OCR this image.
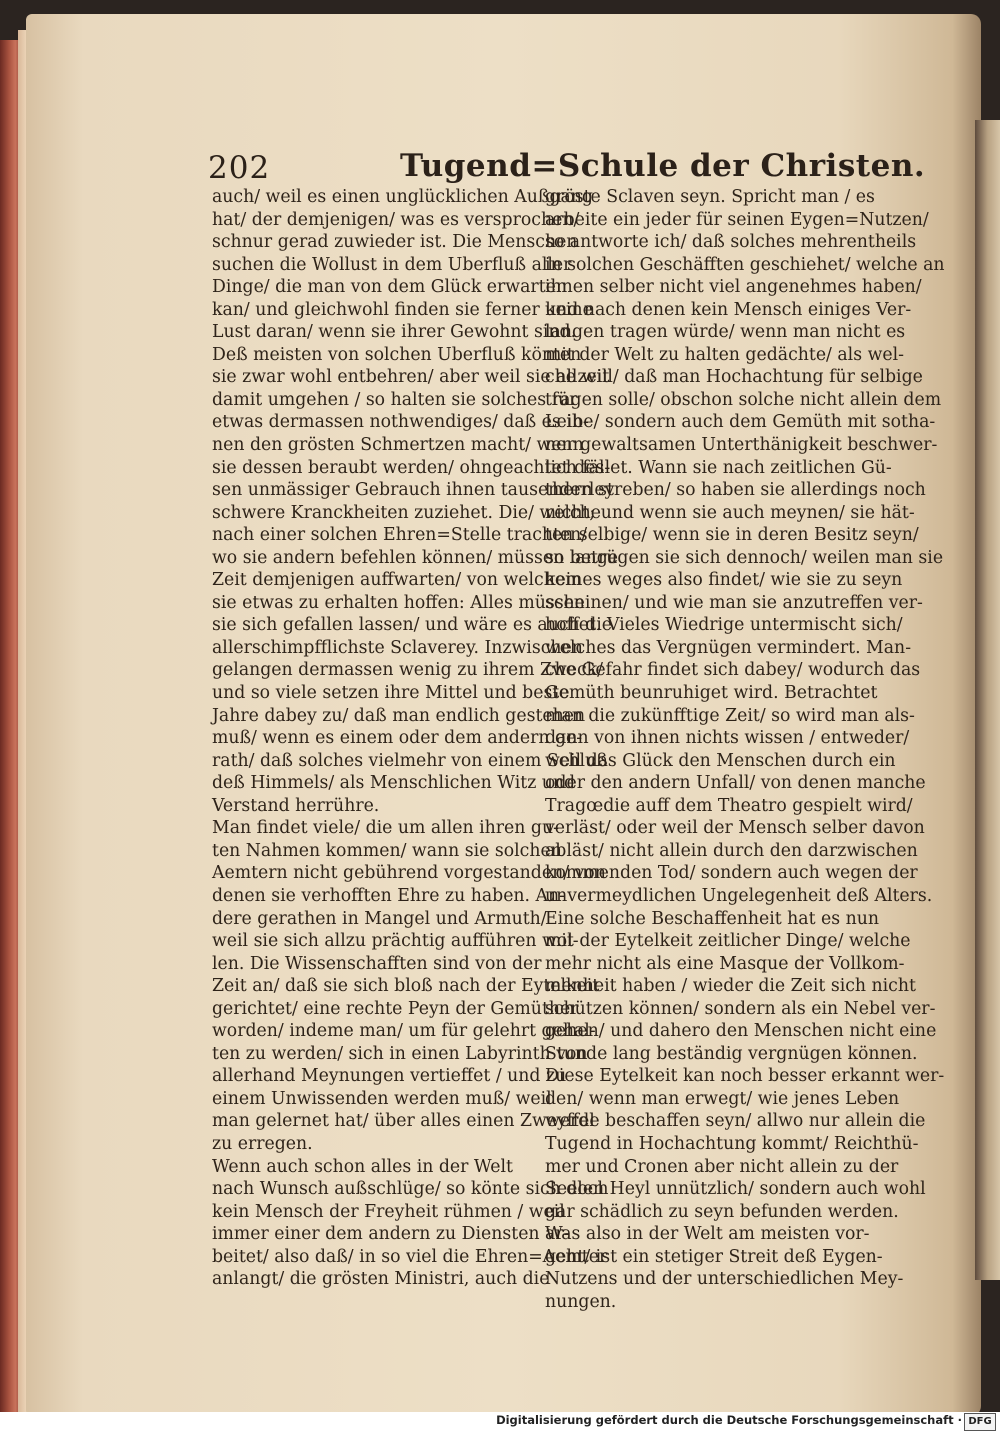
202	Tugend=Schule der Christen.
auch/ weil es einen unglücklichen Außgang
hat/ der demjenigen/ was es versprochen/
schnur gerad zuwieder ist. Die Menschen
suchen die Wollust in dem Uberfluß aller
Dinge/ die man von dem Glück erwarten
kan/ und gleichwohl finden sie ferner keine
Lust daran/ wenn sie ihrer Gewohnt sind.
Deß meisten von solchen Uberfluß könten
sie zwar wohl entbehren/ aber weil sie allzeit
damit umgehen / so halten sie solches für
etwas dermassen nothwendiges/ daß es ih-
nen den grösten Schmertzen macht/ wenn
sie dessen beraubt werden/ ohngeachtet des-
sen unmässiger Gebrauch ihnen tausenderley
schwere Kranckheiten zuziehet. Die/ welche
nach einer solchen Ehren=Stelle trachten/
wo sie andern befehlen können/ müssen lange
Zeit demjenigen auffwarten/ von welchem
sie etwas zu erhalten hoffen: Alles müssen
sie sich gefallen lassen/ und wäre es auch die
allerschimpfflichste Sclaverey. Inzwischen
gelangen dermassen wenig zu ihrem Zweck/
und so viele setzen ihre Mittel und beste
Jahre dabey zu/ daß man endlich gestehen
muß/ wenn es einem oder dem andern ge-
rath/ daß solches vielmehr von einem Schluß
deß Himmels/ als Menschlichen Witz und
Verstand herrühre.
Man findet viele/ die um allen ihren gu-
ten Nahmen kommen/ wann sie solchen
Aemtern nicht gebührend vorgestanden/ von
denen sie verhofften Ehre zu haben. An-
dere gerathen in Mangel und Armuth/
weil sie sich allzu prächtig aufführen wol-
len. Die Wissenschafften sind von der
Zeit an/ daß sie sich bloß nach der Eytelkeit
gerichtet/ eine rechte Peyn der Gemüther
worden/ indeme man/ um für gelehrt gehal-
ten zu werden/ sich in einen Labyrinth von
allerhand Meynungen vertieffet / und zu
einem Unwissenden werden muß/ weil
man gelernet hat/ über alles einen Zweyffel
zu erregen.
Wenn auch schon alles in der Welt
nach Wunsch außschlüge/ so könte sich doch
kein Mensch der Freyheit rühmen / weil
immer einer dem andern zu Diensten ar-
beitet/ also daß/ in so viel die Ehren=Aemter
anlangt/ die grösten Ministri, auch die
gröste Sclaven seyn. Spricht man / es
arbeite ein jeder für seinen Eygen=Nutzen/
so antworte ich/ daß solches mehrentheils
in solchen Geschäfften geschiehet/ welche an
ihnen selber nicht viel angenehmes haben/
und nach denen kein Mensch einiges Ver-
langen tragen würde/ wenn man nicht es
mit der Welt zu halten gedächte/ als wel-
che will/ daß man Hochachtung für selbige
tragen solle/ obschon solche nicht allein dem
Leibe/ sondern auch dem Gemüth mit sotha-
ner gewaltsamen Unterthänigkeit beschwer-
lich fället. Wann sie nach zeitlichen Gü-
thern streben/ so haben sie allerdings noch
nicht; und wenn sie auch meynen/ sie hät-
ten selbige/ wenn sie in deren Besitz seyn/
so betrügen sie sich dennoch/ weilen man sie
keines weges also findet/ wie sie zu seyn
scheinen/ und wie man sie anzutreffen ver-
hoffet. Vieles Wiedrige untermischt sich/
welches das Vergnügen vermindert. Man-
che Gefahr findet sich dabey/ wodurch das
Gemüth beunruhiget wird. Betrachtet
man die zukünfftige Zeit/ so wird man als-
dann von ihnen nichts wissen / entweder/
weil das Glück den Menschen durch ein
oder den andern Unfall/ von denen manche
Tragœdie auff dem Theatro gespielt wird/
verläst/ oder weil der Mensch selber davon
abläst/ nicht allein durch den darzwischen
kommenden Tod/ sondern auch wegen der
unvermeydlichen Ungelegenheit deß Alters.
Eine solche Beschaffenheit hat es nun
mit der Eytelkeit zeitlicher Dinge/ welche
mehr nicht als eine Masque der Vollkom-
menheit haben / wieder die Zeit sich nicht
schützen können/ sondern als ein Nebel ver-
gehen/ und dahero den Menschen nicht eine
Stunde lang beständig vergnügen können.
Diese Eytelkeit kan noch besser erkannt wer-
den/ wenn man erwegt/ wie jenes Leben
werde beschaffen seyn/ allwo nur allein die
Tugend in Hochachtung kommt/ Reichthü-
mer und Cronen aber nicht allein zu der
Seelen Heyl unnützlich/ sondern auch wohl
gar schädlich zu seyn befunden werden.
Was also in der Welt am meisten vor-
geht/ ist ein stetiger Streit deß Eygen-
Nutzens und der unterschiedlichen Mey-
nungen.
Digitalisierung gefördert durch die Deutsche Forschungsgemeinschaft · DFG
